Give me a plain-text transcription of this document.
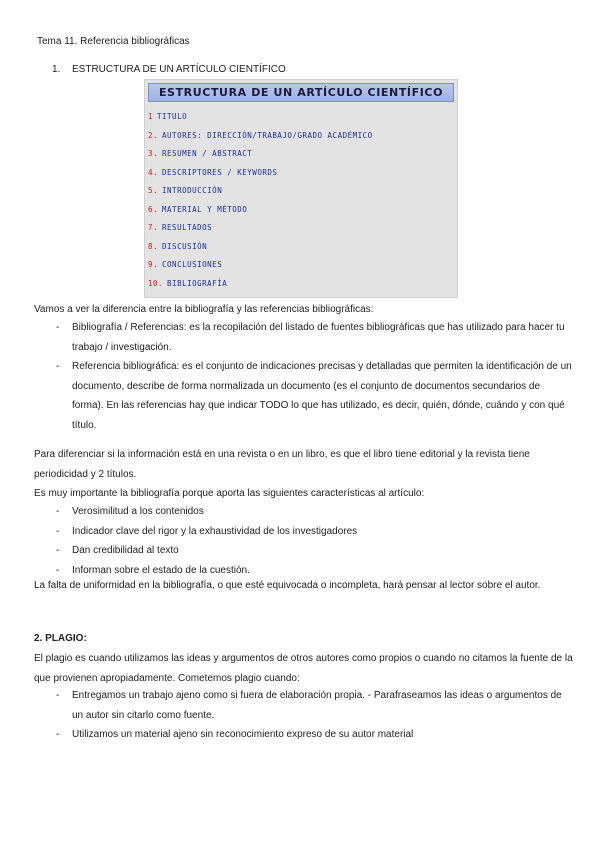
Tema 11. Referencia bibliográficas
1. ESTRUCTURA DE UN ARTÍCULO CIENTÍFICO
ESTRUCTURA DE UN ARTÍCULO CIENTÍFICO
1 TITULO
2. AUTORES: DIRECCIÓN/TRABAJO/GRADO ACADÉMICO
3. RESUMEN / ABSTRACT
4. DESCRIPTORES / KEYWORDS
5. INTRODUCCIÓN
6. MATERIAL Y MÉTODO
7. RESULTADOS
8. DISCUSIÓN
9. CONCLUSIONES
10. BIBLIOGRAFÍA
Vamos a ver la diferencia entre la bibliografía y las referencias bibliográficas:
- Bibliografía / Referencias: es la recopilación del listado de fuentes bibliográficas que has utilizado para hacer tu trabajo / investigación.
- Referencia bibliográfica: es el conjunto de indicaciones precisas y detalladas que permiten la identificación de un documento, describe de forma normalizada un documento (es el conjunto de documentos secundarios de forma). En las referencias hay que indicar TODO lo que has utilizado, es decir, quién, dónde, cuándo y con qué título.
Para diferenciar si la información está en una revista o en un libro, es que el libro tiene editorial y la revista tiene periodicidad y 2 títulos.
Es muy importante la bibliografía porque aporta las siguientes características al artículo:
- Verosimilitud a los contenidos
- Indicador clave del rigor y la exhaustividad de los investigadores
- Dan credibilidad al texto
- Informan sobre el estado de la cuestión.
La falta de uniformidad en la bibliografía, o que esté equivocada o incompleta, hará pensar al lector sobre el autor.
2. PLAGIO:
El plagio es cuando utilizamos las ideas y argumentos de otros autores como propios o cuando no citamos la fuente de la que provienen apropiadamente. Cometemos plagio cuando:
- Entregamos un trabajo ajeno como si fuera de elaboración propia. - Parafraseamos las ideas o argumentos de un autor sin citarlo como fuente.
- Utilizamos un material ajeno sin reconocimiento expreso de su autor material
